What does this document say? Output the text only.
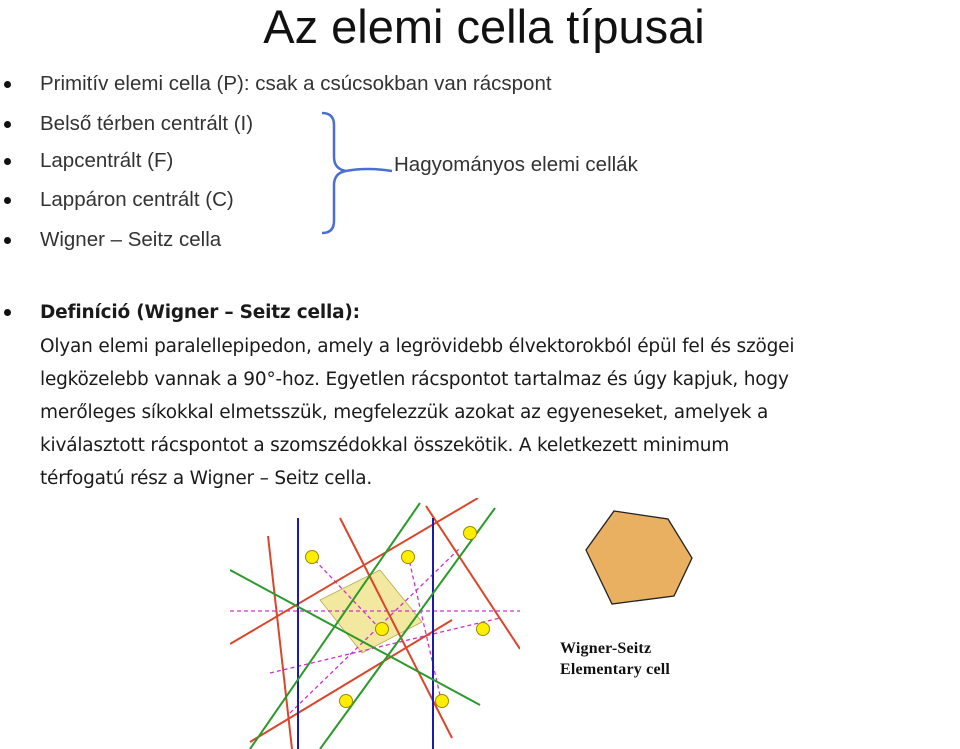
Az elemi cella típusai
Primitív elemi cella (P): csak a csúcsokban van rácspont
Belső térben centrált (I)
Lapcentrált (F)
Lappáron centrált (C)
Wigner – Seitz cella
Hagyományos elemi cellák
Definíció (Wigner – Seitz cella):
Olyan elemi paralellepipedon, amely a legrövidebb élvektorokból épül fel és szögei
legközelebb vannak a 90°-hoz. Egyetlen rácspontot tartalmaz és úgy kapjuk, hogy
merőleges síkokkal elmetsszük, megfelezzük azokat az egyeneseket, amelyek a
kiválasztott rácspontot a szomszédokkal összekötik. A keletkezett minimum
térfogatú rész a Wigner – Seitz cella.
Wigner-Seitz
Elementary cell
